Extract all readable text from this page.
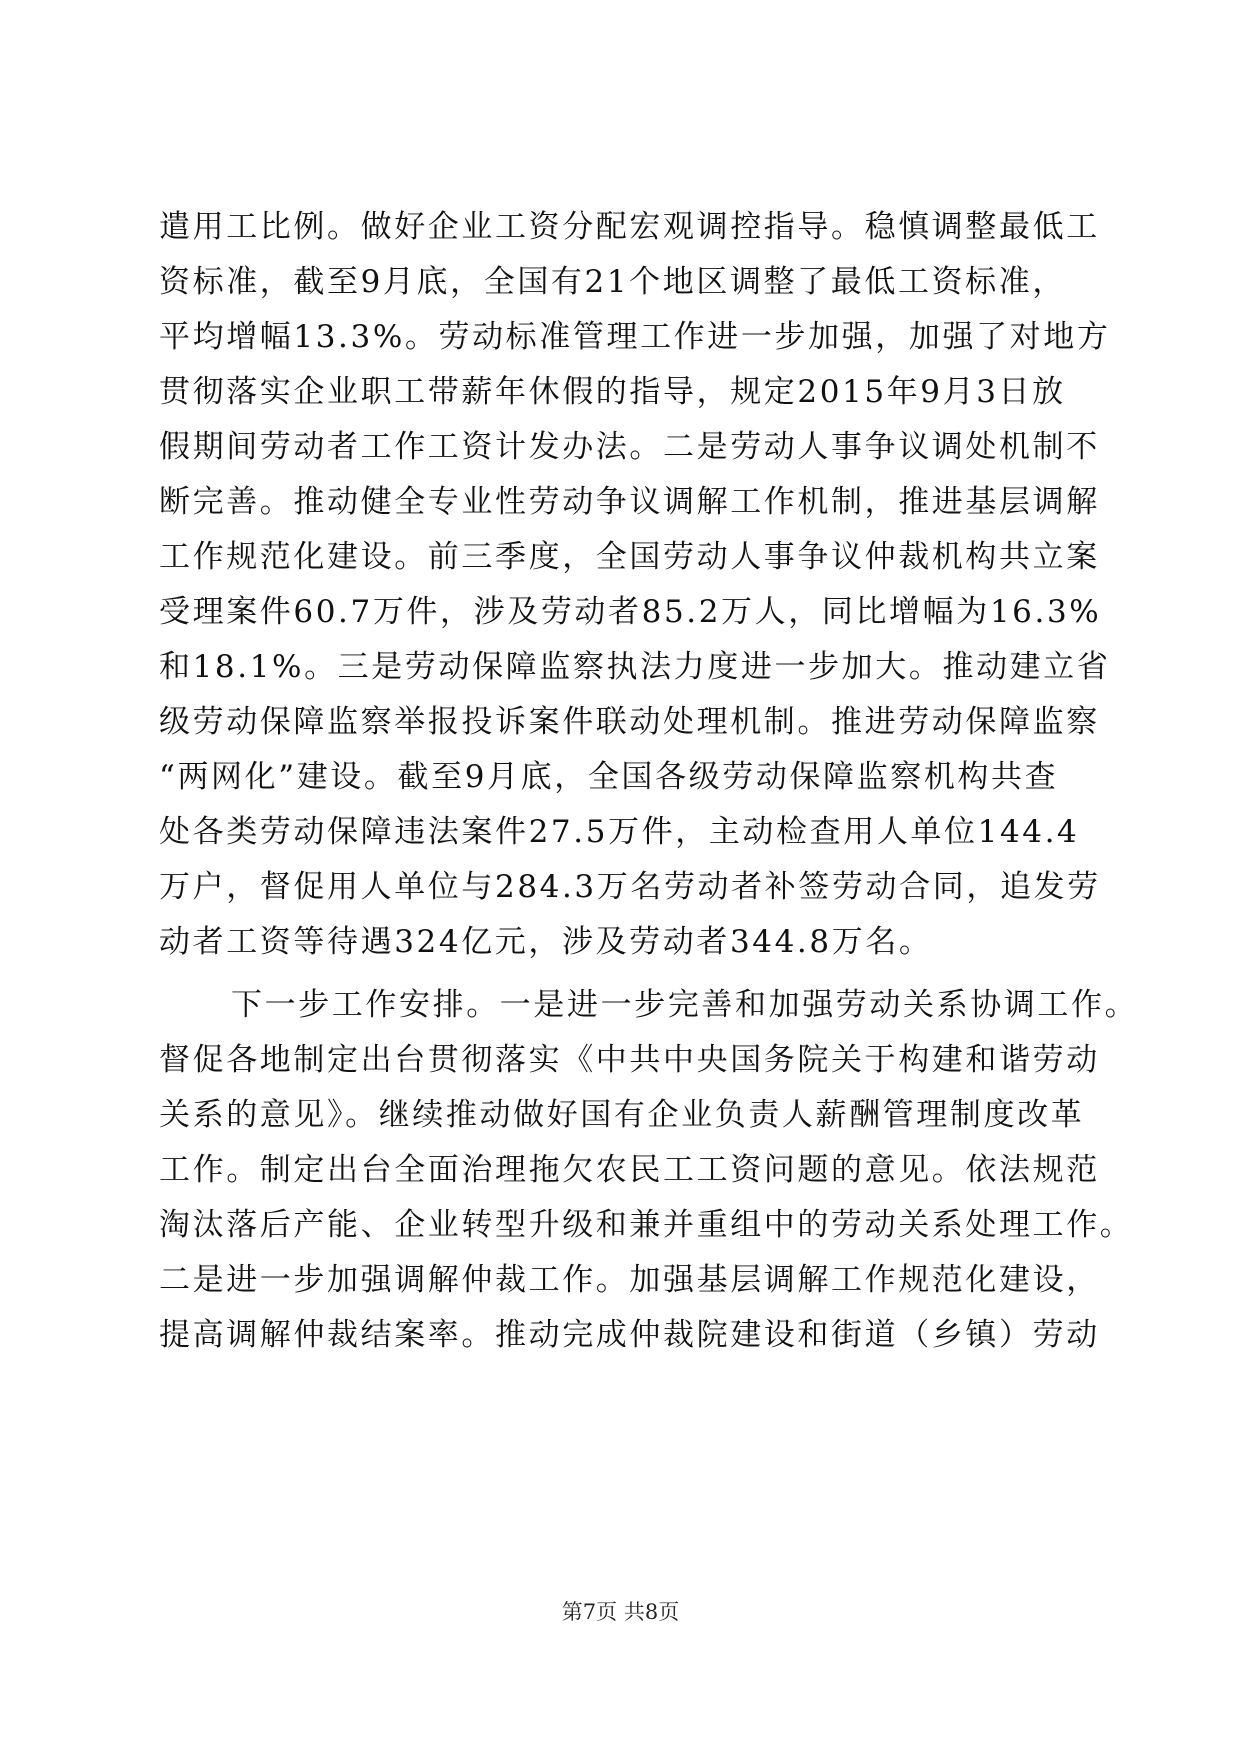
遣用工比例。做好企业工资分配宏观调控指导。稳慎调整最低工
资标准，截至9月底，全国有21个地区调整了最低工资标准，
平均增幅13.3%。劳动标准管理工作进一步加强，加强了对地方
贯彻落实企业职工带薪年休假的指导，规定2015年9月3日放
假期间劳动者工作工资计发办法。二是劳动人事争议调处机制不
断完善。推动健全专业性劳动争议调解工作机制，推进基层调解
工作规范化建设。前三季度，全国劳动人事争议仲裁机构共立案
受理案件60.7万件，涉及劳动者85.2万人，同比增幅为16.3%
和18.1%。三是劳动保障监察执法力度进一步加大。推动建立省
级劳动保障监察举报投诉案件联动处理机制。推进劳动保障监察
“两网化”建设。截至9月底，全国各级劳动保障监察机构共查
处各类劳动保障违法案件27.5万件，主动检查用人单位144.4
万户，督促用人单位与284.3万名劳动者补签劳动合同，追发劳
动者工资等待遇324亿元，涉及劳动者344.8万名。
下一步工作安排。一是进一步完善和加强劳动关系协调工作。
督促各地制定出台贯彻落实《中共中央国务院关于构建和谐劳动
关系的意见》。继续推动做好国有企业负责人薪酬管理制度改革
工作。制定出台全面治理拖欠农民工工资问题的意见。依法规范
淘汰落后产能、企业转型升级和兼并重组中的劳动关系处理工作。
二是进一步加强调解仲裁工作。加强基层调解工作规范化建设，
提高调解仲裁结案率。推动完成仲裁院建设和街道（乡镇）劳动
第7页 共8页
